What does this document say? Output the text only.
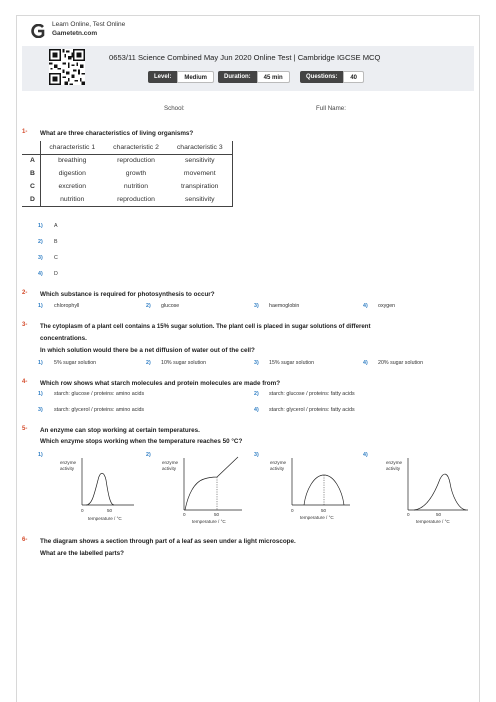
Learn Online, Test Online
Gametetn.com
0653/11 Science Combined May Jun 2020 Online Test | Cambridge IGCSE MCQ
Level:	Medium	Duration:	45 min	Questions:	40
School:	Full Name:
1- What are three characteristics of living organisms?
	characteristic 1	characteristic 2	characteristic 3
A	breathing	reproduction	sensitivity
B	digestion	growth	movement
C	excretion	nutrition	transpiration
D	nutrition	reproduction	sensitivity
1) A
2) B
3) C
4) D
2- Which substance is required for photosynthesis to occur?
1) chlorophyll	2) glucose	3) haemoglobin	4) oxygen
3- The cytoplasm of a plant cell contains a 15% sugar solution. The plant cell is placed in sugar solutions of different
concentrations.
In which solution would there be a net diffusion of water out of the cell?
1) 5% sugar solution	2) 10% sugar solution	3) 15% sugar solution	4) 20% sugar solution
4- Which row shows what starch molecules and protein molecules are made from?
1) starch: glucose / proteins: amino acids	2) starch: glucose / proteins: fatty acids
3) starch: glycerol / proteins: amino acids	4) starch: glycerol / proteins: fatty acids
5- An enzyme can stop working at certain temperatures.
Which enzyme stops working when the temperature reaches 50 °C?
1)	2)	3)	4)
enzyme
activity
0	50
temperature / °C
enzyme
activity
0	50
temperature / °C
enzyme
activity
0	50
temperature / °C
enzyme
activity
0	50
temperature / °C
6- The diagram shows a section through part of a leaf as seen under a light microscope.
What are the labelled parts?
